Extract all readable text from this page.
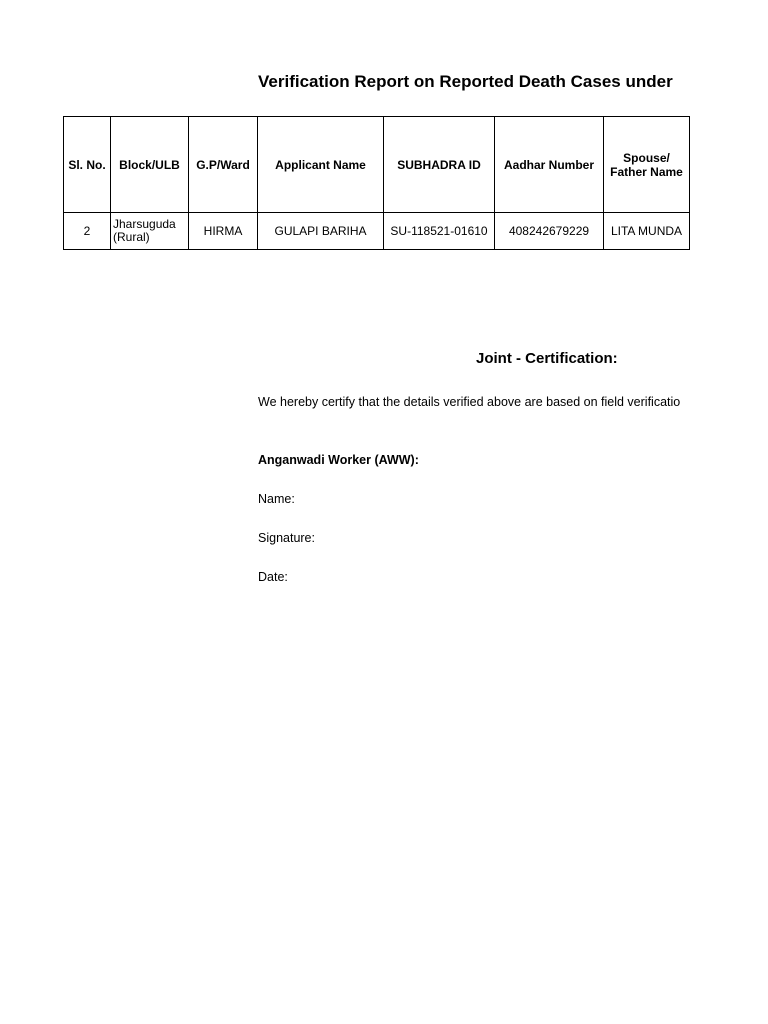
Verification Report on Reported Death Cases under
Sl. No.	Block/ULB	G.P/Ward	Applicant Name	SUBHADRA ID	Aadhar Number	Spouse/ Father Name
2	Jharsuguda (Rural)	HIRMA	GULAPI BARIHA	SU-118521-01610	408242679229	LITA MUNDA
Joint - Certification:
We hereby certify that the details verified above are based on field verificatio
Anganwadi Worker (AWW):
Name:
Signature:
Date:
